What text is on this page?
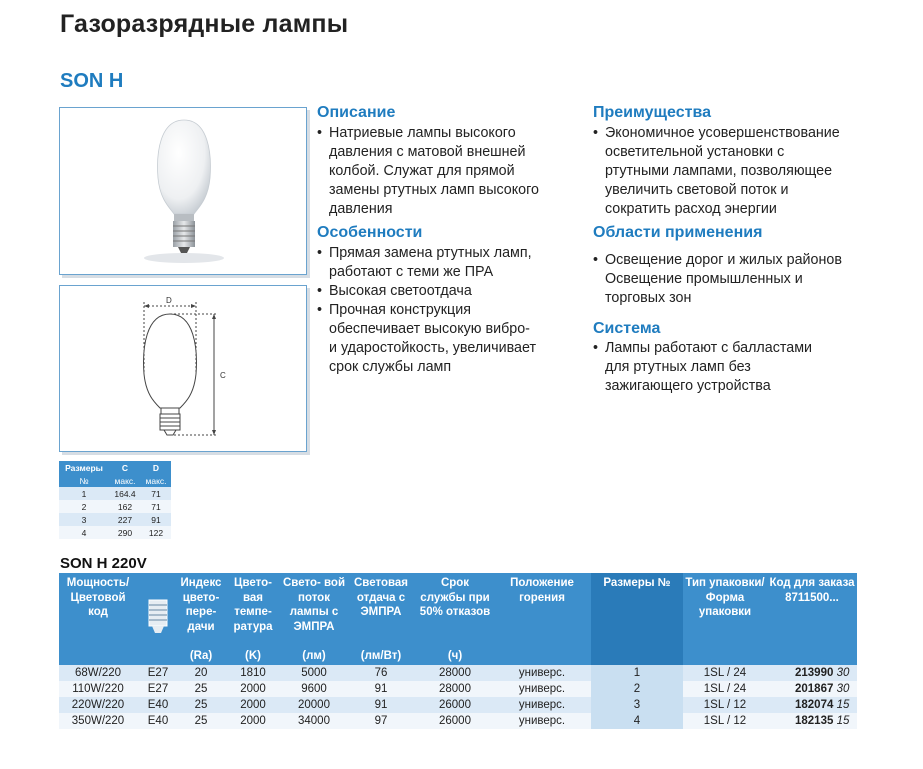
Газоразрядные лампы
SON H
D
C
Описание
• Натриевые лампы высокого
давления с матовой внешней
колбой. Служат для прямой
замены ртутных ламп высокого
давления
Особенности
• Прямая замена ртутных ламп,
работают с теми же ПРА
• Высокая светоотдача
• Прочная конструкция
обеспечивает высокую вибро-
и ударостойкость, увеличивает
срок службы ламп
Преимущества
• Экономичное усовершенствование
осветительной установки с
ртутными лампами, позволяющее
увеличить световой поток и
сократить расход энергии
Области применения
• Освещение дорог и жилых районов
Освещение промышленных и
торговых зон
Система
• Лампы работают с балластами
для ртутных ламп без
зажигающего устройства
Размеры	C	D
№	макс.	макс.
1	164.4	71
2	162	71
3	227	91
4	290	122
SON H 220V
Мощность/ Цветовой код		Индекс цвето- пере- дачи	Цвето- вая темпе- ратура	Свето- вой поток лампы с ЭМПРА	Световая отдача с ЭМПРА	Срок службы при 50% отказов	Положение горения	Размеры №	Тип упаковки/ Форма упаковки	Код для заказа 8711500...
		(Ra)	(K)	(лм)	(лм/Вт)	(ч)				
68W/220	E27	20	1810	5000	76	28000	универс.	1	1SL / 24	213990 30
110W/220	E27	25	2000	9600	91	28000	универс.	2	1SL / 24	201867 30
220W/220	E40	25	2000	20000	91	26000	универс.	3	1SL / 12	182074 15
350W/220	E40	25	2000	34000	97	26000	универс.	4	1SL / 12	182135 15
